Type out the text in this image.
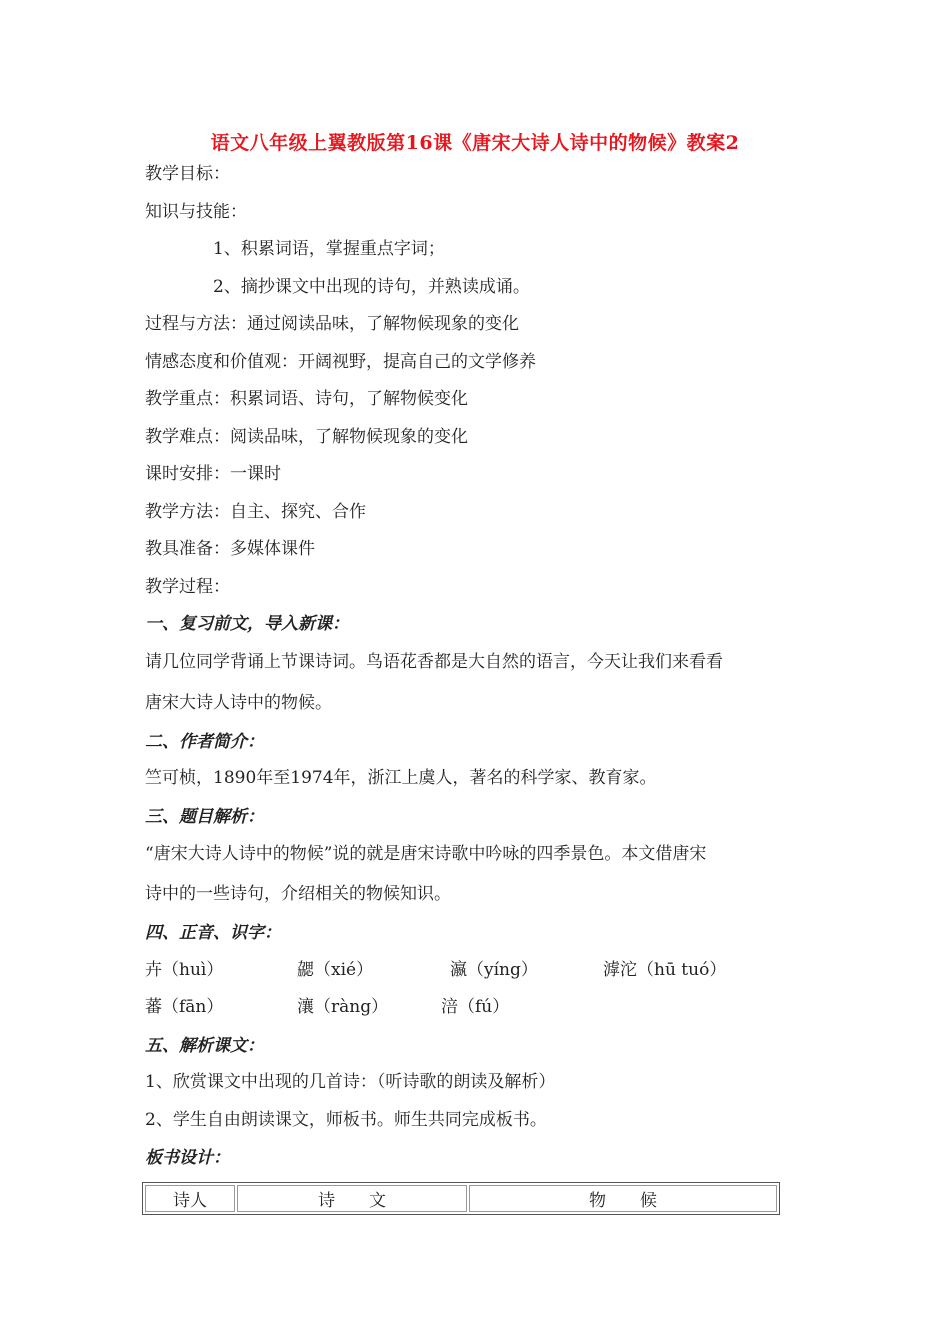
语文八年级上翼教版第16课《唐宋大诗人诗中的物候》教案2
教学目标：
知识与技能：
1、积累词语，掌握重点字词；
2、摘抄课文中出现的诗句，并熟读成诵。
过程与方法：通过阅读品味，了解物候现象的变化
情感态度和价值观：开阔视野，提高自己的文学修养
教学重点：积累词语、诗句，了解物候变化
教学难点：阅读品味，了解物候现象的变化
课时安排：一课时
教学方法：自主、探究、合作
教具准备：多媒体课件
教学过程：
一、复习前文，导入新课：
请几位同学背诵上节课诗词。鸟语花香都是大自然的语言，今天让我们来看看
唐宋大诗人诗中的物候。
二、作者简介：
竺可桢，1890年至1974年，浙江上虞人，著名的科学家、教育家。
三、题目解析：
“唐宋大诗人诗中的物候”说的就是唐宋诗歌中吟咏的四季景色。本文借唐宋
诗中的一些诗句，介绍相关的物候知识。
四、正音、识字：
卉（huì）	勰（xié）	瀛（yíng）	滹沱（hū tuó）
蕃（fān）	瀼（ràng）	涪（fú）
五、解析课文：
1、欣赏课文中出现的几首诗：（听诗歌的朗读及解析）
2、学生自由朗读课文，师板书。师生共同完成板书。
板书设计：
诗人	诗　　文	物　　候
